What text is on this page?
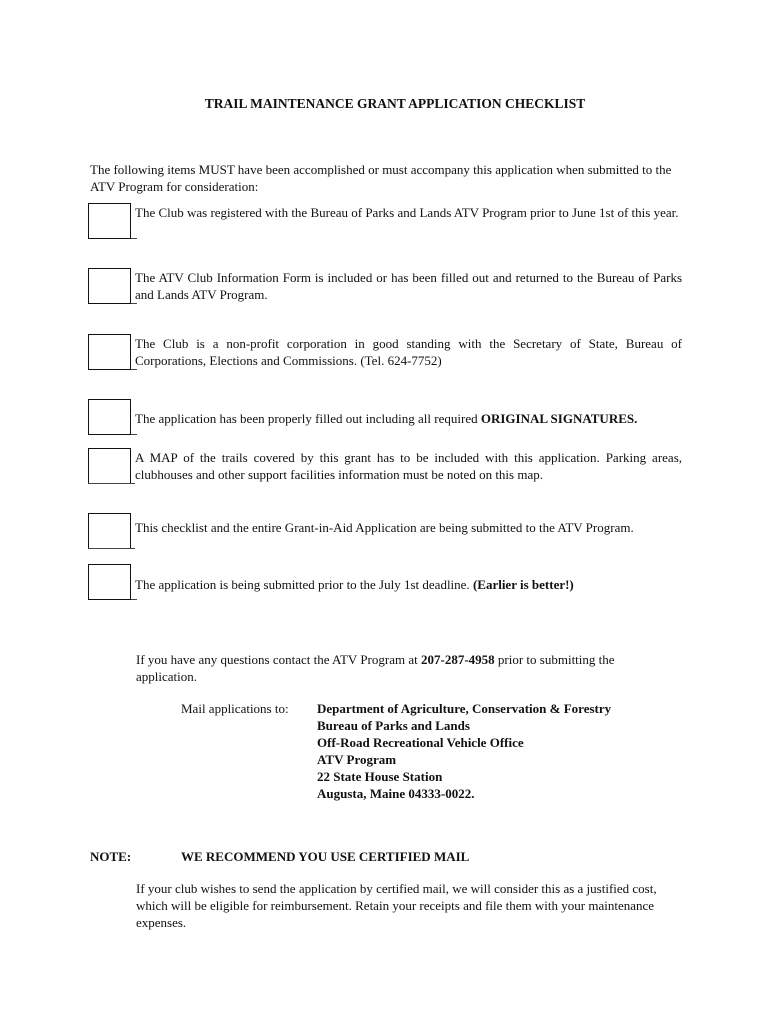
TRAIL MAINTENANCE GRANT APPLICATION CHECKLIST
The following items MUST have been accomplished or must accompany this application when submitted to the ATV Program for consideration:
The Club was registered with the Bureau of Parks and Lands ATV Program prior to June 1st of this year.
The ATV Club Information Form is included or has been filled out and returned to the Bureau of Parks and Lands ATV Program.
The Club is a non-profit corporation in good standing with the Secretary of State, Bureau of Corporations, Elections and Commissions. (Tel. 624-7752)
The application has been properly filled out including all required ORIGINAL SIGNATURES.
A MAP of the trails covered by this grant has to be included with this application. Parking areas, clubhouses and other support facilities information must be noted on this map.
This checklist and the entire Grant-in-Aid Application are being submitted to the ATV Program.
The application is being submitted prior to the July 1st deadline. (Earlier is better!)
If you have any questions contact the ATV Program at 207-287-4958 prior to submitting the application.
Mail applications to: Department of Agriculture, Conservation & Forestry
Bureau of Parks and Lands
Off-Road Recreational Vehicle Office
ATV Program
22 State House Station
Augusta, Maine 04333-0022.
NOTE:	WE RECOMMEND YOU USE CERTIFIED MAIL
If your club wishes to send the application by certified mail, we will consider this as a justified cost, which will be eligible for reimbursement. Retain your receipts and file them with your maintenance expenses.
